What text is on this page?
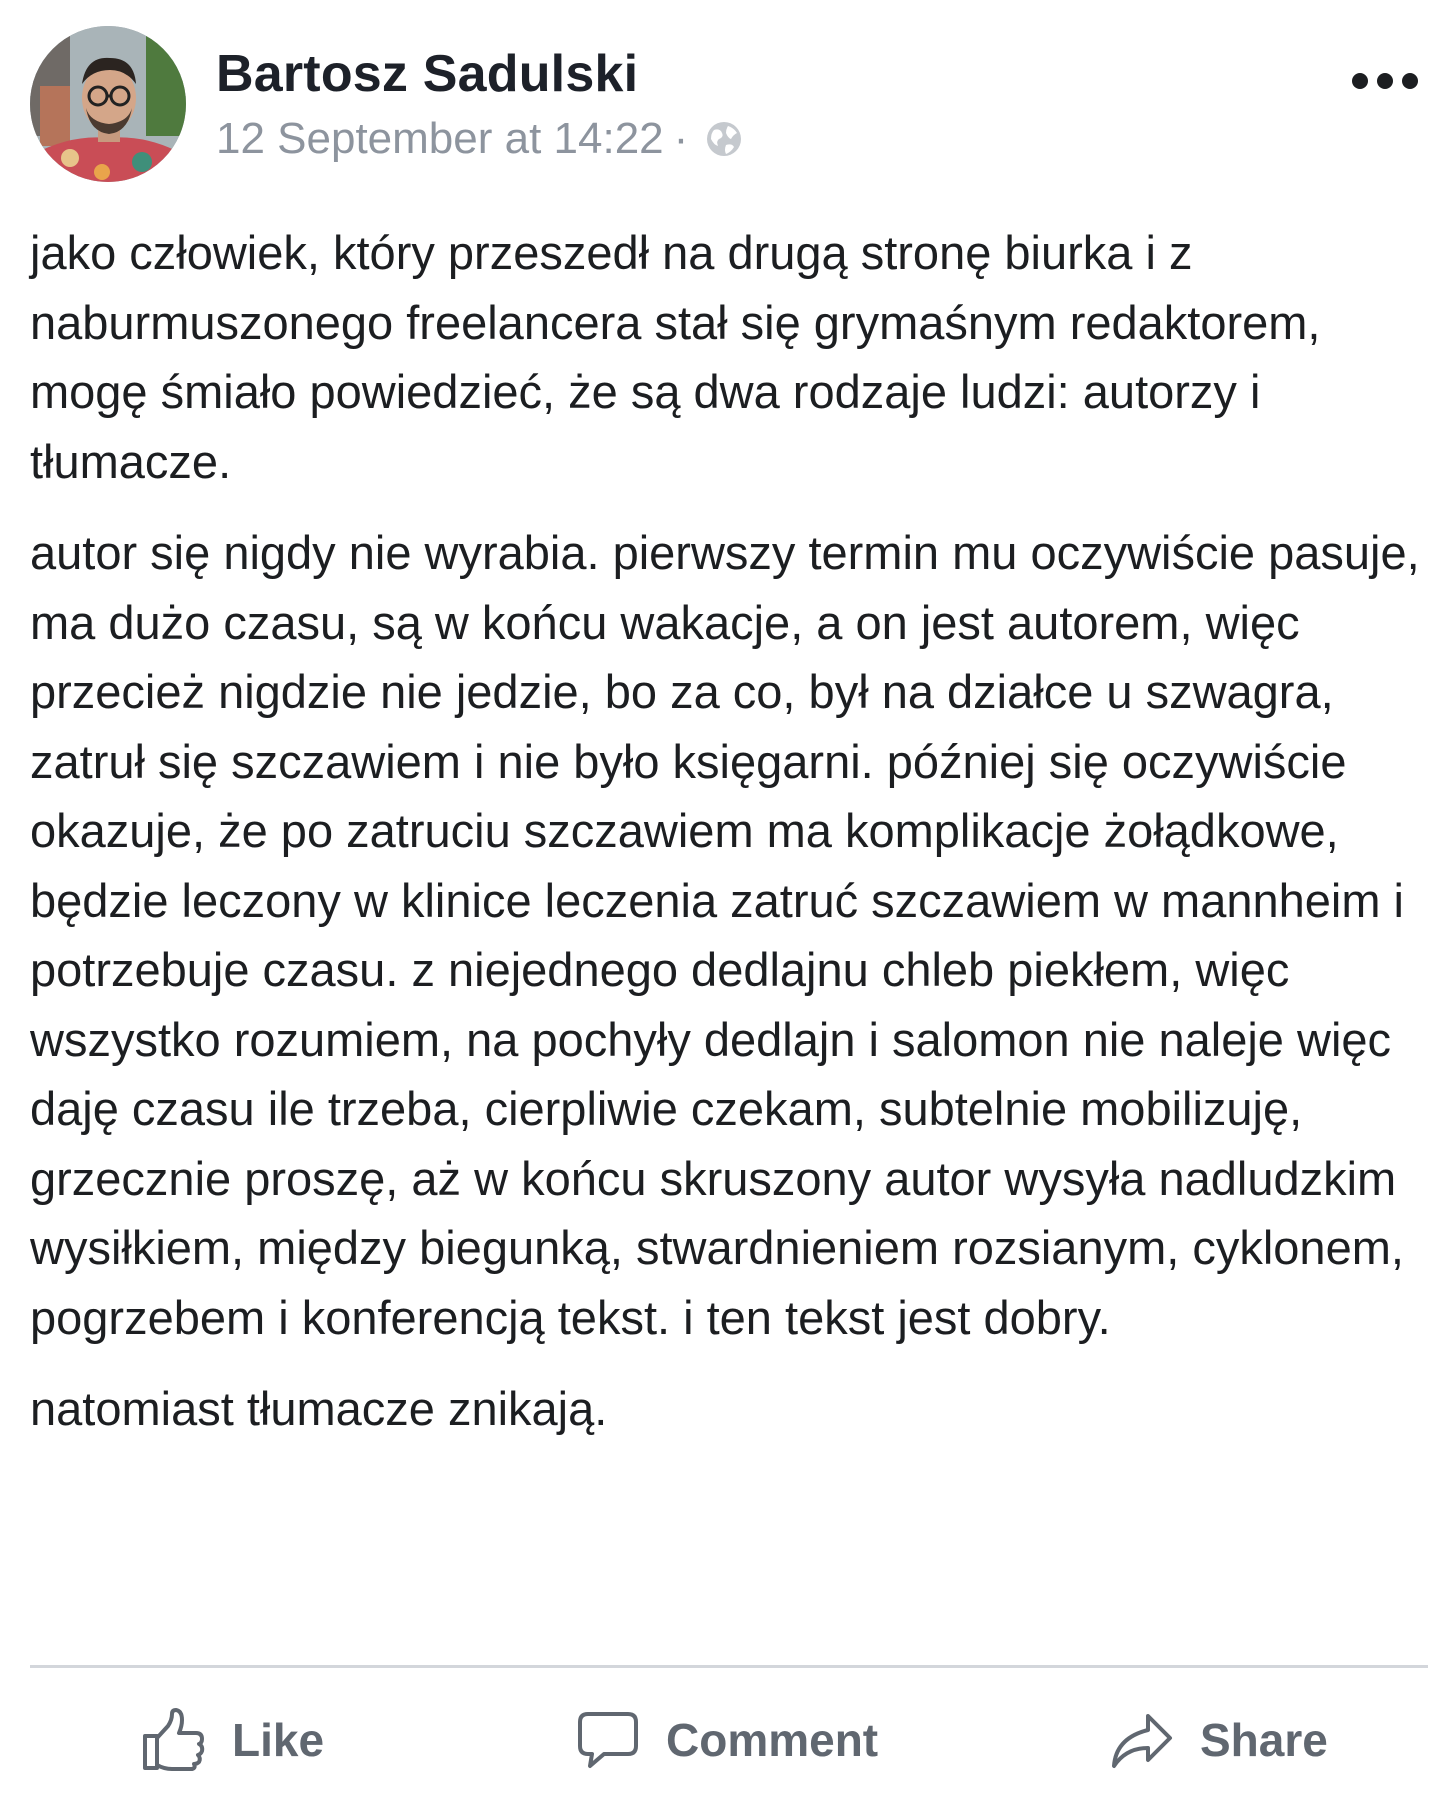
Bartosz Sadulski
12 September at 14:22 ·

jako człowiek, który przeszedł na drugą stronę biurka i z naburmuszonego freelancera stał się grymaśnym redaktorem, mogę śmiało powiedzieć, że są dwa rodzaje ludzi: autorzy i tłumacze.

autor się nigdy nie wyrabia. pierwszy termin mu oczywiście pasuje, ma dużo czasu, są w końcu wakacje, a on jest autorem, więc przecież nigdzie nie jedzie, bo za co, był na działce u szwagra, zatruł się szczawiem i nie było księgarni. później się oczywiście okazuje, że po zatruciu szczawiem ma komplikacje żołądkowe, będzie leczony w klinice leczenia zatruć szczawiem w mannheim i potrzebuje czasu. z niejednego dedlajnu chleb piekłem, więc wszystko rozumiem, na pochyły dedlajn i salomon nie naleje więc daję czasu ile trzeba, cierpliwie czekam, subtelnie mobilizuję, grzecznie proszę, aż w końcu skruszony autor wysyła nadludzkim wysiłkiem, między biegunką, stwardnieniem rozsianym, cyklonem, pogrzebem i konferencją tekst. i ten tekst jest dobry.

natomiast tłumacze znikają.

Like	Comment	Share
